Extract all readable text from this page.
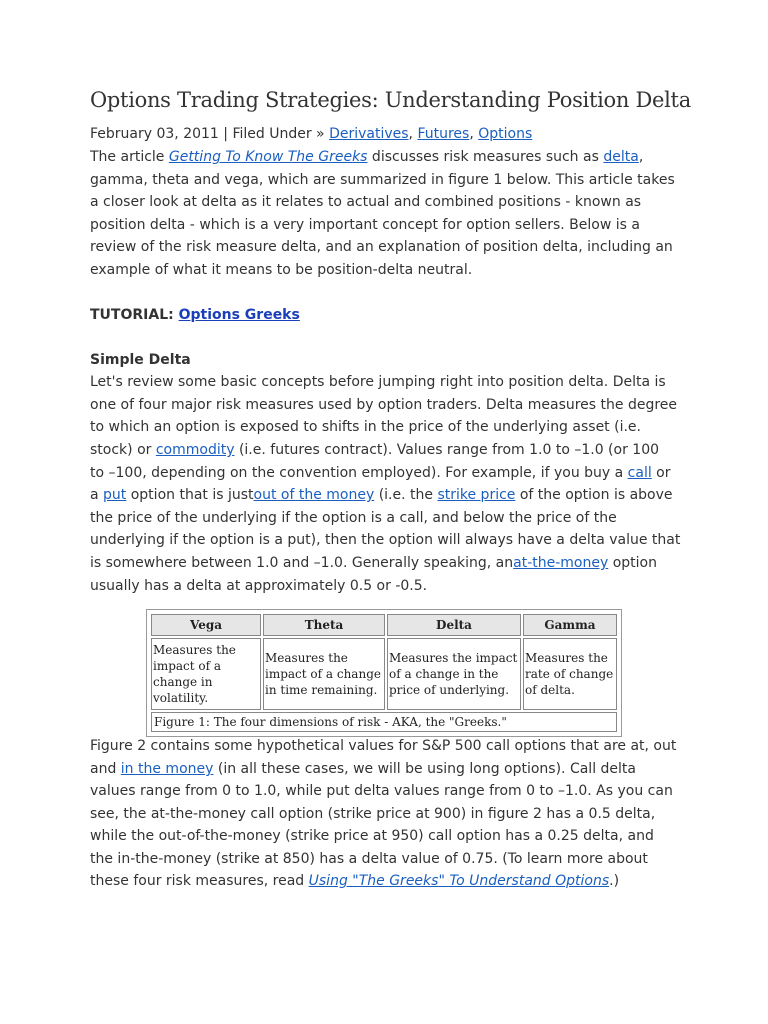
Options Trading Strategies: Understanding Position Delta
February 03, 2011 | Filed Under » Derivatives, Futures, Options
The article Getting To Know The Greeks discusses risk measures such as delta,
gamma, theta and vega, which are summarized in figure 1 below. This article takes
a closer look at delta as it relates to actual and combined positions - known as
position delta - which is a very important concept for option sellers. Below is a
review of the risk measure delta, and an explanation of position delta, including an
example of what it means to be position-delta neutral.
TUTORIAL: Options Greeks
Simple Delta
Let's review some basic concepts before jumping right into position delta. Delta is
one of four major risk measures used by option traders. Delta measures the degree
to which an option is exposed to shifts in the price of the underlying asset (i.e.
stock) or commodity (i.e. futures contract). Values range from 1.0 to –1.0 (or 100
to –100, depending on the convention employed). For example, if you buy a call or
a put option that is justout of the money (i.e. the strike price of the option is above
the price of the underlying if the option is a call, and below the price of the
underlying if the option is a put), then the option will always have a delta value that
is somewhere between 1.0 and –1.0. Generally speaking, anat-the-money option
usually has a delta at approximately 0.5 or -0.5.
Vega	Theta	Delta	Gamma
Measures the impact of a change in volatility.	Measures the impact of a change in time remaining.	Measures the impact of a change in the price of underlying.	Measures the rate of change of delta.
Figure 1: The four dimensions of risk - AKA, the "Greeks."			
Figure 2 contains some hypothetical values for S&P 500 call options that are at, out
and in the money (in all these cases, we will be using long options). Call delta
values range from 0 to 1.0, while put delta values range from 0 to –1.0. As you can
see, the at-the-money call option (strike price at 900) in figure 2 has a 0.5 delta,
while the out-of-the-money (strike price at 950) call option has a 0.25 delta, and
the in-the-money (strike at 850) has a delta value of 0.75. (To learn more about
these four risk measures, read Using "The Greeks" To Understand Options.)
